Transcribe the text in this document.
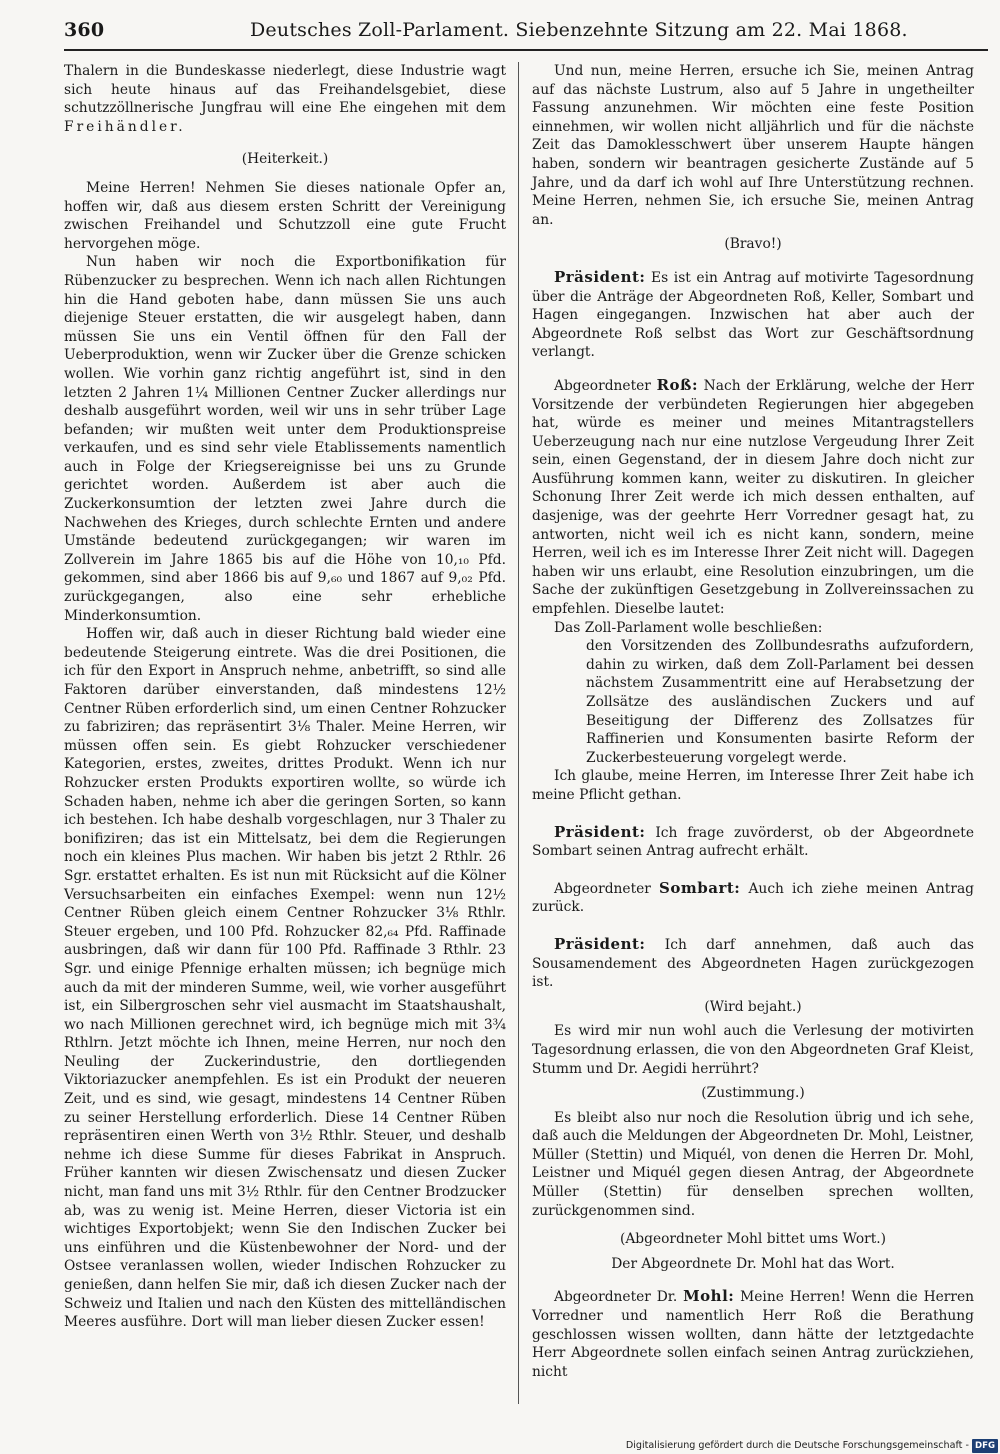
360	Deutsches Zoll-Parlament. Siebenzehnte Sitzung am 22. Mai 1868.

Thalern in die Bundeskasse niederlegt, diese Industrie wagt sich heute hinaus auf das Freihandelsgebiet, diese schutzzöllnerische Jungfrau will eine Ehe eingehen mit dem Freihändler.

(Heiterkeit.)

Meine Herren! Nehmen Sie dieses nationale Opfer an, hoffen wir, daß aus diesem ersten Schritt der Vereinigung zwischen Freihandel und Schutzzoll eine gute Frucht hervorgehen möge.

Nun haben wir noch die Exportbonifikation für Rübenzucker zu besprechen. Wenn ich nach allen Richtungen hin die Hand geboten habe, dann müssen Sie uns auch diejenige Steuer erstatten, die wir ausgelegt haben, dann müssen Sie uns ein Ventil öffnen für den Fall der Ueberproduktion, wenn wir Zucker über die Grenze schicken wollen. Wie vorhin ganz richtig angeführt ist, sind in den letzten 2 Jahren 1¼ Millionen Centner Zucker allerdings nur deshalb ausgeführt worden, weil wir uns in sehr trüber Lage befanden; wir mußten weit unter dem Produktionspreise verkaufen, und es sind sehr viele Etablissements namentlich auch in Folge der Kriegsereignisse bei uns zu Grunde gerichtet worden. Außerdem ist aber auch die Zuckerkonsumtion der letzten zwei Jahre durch die Nachwehen des Krieges, durch schlechte Ernten und andere Umstände bedeutend zurückgegangen; wir waren im Zollverein im Jahre 1865 bis auf die Höhe von 10,₁₀ Pfd. gekommen, sind aber 1866 bis auf 9,₆₀ und 1867 auf 9,₀₂ Pfd. zurückgegangen, also eine sehr erhebliche Minderkonsumtion.

Hoffen wir, daß auch in dieser Richtung bald wieder eine bedeutende Steigerung eintrete. Was die drei Positionen, die ich für den Export in Anspruch nehme, anbetrifft, so sind alle Faktoren darüber einverstanden, daß mindestens 12½ Centner Rüben erforderlich sind, um einen Centner Rohzucker zu fabriziren; das repräsentirt 3⅛ Thaler. Meine Herren, wir müssen offen sein. Es giebt Rohzucker verschiedener Kategorien, erstes, zweites, drittes Produkt. Wenn ich nur Rohzucker ersten Produkts exportiren wollte, so würde ich Schaden haben, nehme ich aber die geringen Sorten, so kann ich bestehen. Ich habe deshalb vorgeschlagen, nur 3 Thaler zu bonifiziren; das ist ein Mittelsatz, bei dem die Regierungen noch ein kleines Plus machen. Wir haben bis jetzt 2 Rthlr. 26 Sgr. erstattet erhalten. Es ist nun mit Rücksicht auf die Kölner Versuchsarbeiten ein einfaches Exempel: wenn nun 12½ Centner Rüben gleich einem Centner Rohzucker 3⅛ Rthlr. Steuer ergeben, und 100 Pfd. Rohzucker 82,₆₄ Pfd. Raffinade ausbringen, daß wir dann für 100 Pfd. Raffinade 3 Rthlr. 23 Sgr. und einige Pfennige erhalten müssen; ich begnüge mich auch da mit der minderen Summe, weil, wie vorher ausgeführt ist, ein Silbergroschen sehr viel ausmacht im Staatshaushalt, wo nach Millionen gerechnet wird, ich begnüge mich mit 3¾ Rthlrn. Jetzt möchte ich Ihnen, meine Herren, nur noch den Neuling der Zuckerindustrie, den dortliegenden Viktoriazucker anempfehlen. Es ist ein Produkt der neueren Zeit, und es sind, wie gesagt, mindestens 14 Centner Rüben zu seiner Herstellung erforderlich. Diese 14 Centner Rüben repräsentiren einen Werth von 3½ Rthlr. Steuer, und deshalb nehme ich diese Summe für dieses Fabrikat in Anspruch. Früher kannten wir diesen Zwischensatz und diesen Zucker nicht, man fand uns mit 3½ Rthlr. für den Centner Brodzucker ab, was zu wenig ist. Meine Herren, dieser Victoria ist ein wichtiges Exportobjekt; wenn Sie den Indischen Zucker bei uns einführen und die Küstenbewohner der Nord- und der Ostsee veranlassen wollen, wieder Indischen Rohzucker zu genießen, dann helfen Sie mir, daß ich diesen Zucker nach der Schweiz und Italien und nach den Küsten des mittelländischen Meeres ausführe. Dort will man lieber diesen Zucker essen!

Und nun, meine Herren, ersuche ich Sie, meinen Antrag auf das nächste Lustrum, also auf 5 Jahre in ungetheilter Fassung anzunehmen. Wir möchten eine feste Position einnehmen, wir wollen nicht alljährlich und für die nächste Zeit das Damoklesschwert über unserem Haupte hängen haben, sondern wir beantragen gesicherte Zustände auf 5 Jahre, und da darf ich wohl auf Ihre Unterstützung rechnen. Meine Herren, nehmen Sie, ich ersuche Sie, meinen Antrag an.

(Bravo!)

Präsident: Es ist ein Antrag auf motivirte Tagesordnung über die Anträge der Abgeordneten Roß, Keller, Sombart und Hagen eingegangen. Inzwischen hat aber auch der Abgeordnete Roß selbst das Wort zur Geschäftsordnung verlangt.

Abgeordneter Roß: Nach der Erklärung, welche der Herr Vorsitzende der verbündeten Regierungen hier abgegeben hat, würde es meiner und meines Mitantragstellers Ueberzeugung nach nur eine nutzlose Vergeudung Ihrer Zeit sein, einen Gegenstand, der in diesem Jahre doch nicht zur Ausführung kommen kann, weiter zu diskutiren. In gleicher Schonung Ihrer Zeit werde ich mich dessen enthalten, auf dasjenige, was der geehrte Herr Vorredner gesagt hat, zu antworten, nicht weil ich es nicht kann, sondern, meine Herren, weil ich es im Interesse Ihrer Zeit nicht will. Dagegen haben wir uns erlaubt, eine Resolution einzubringen, um die Sache der zukünftigen Gesetzgebung in Zollvereinssachen zu empfehlen. Dieselbe lautet:

Das Zoll-Parlament wolle beschließen:

den Vorsitzenden des Zollbundesraths aufzufordern, dahin zu wirken, daß dem Zoll-Parlament bei dessen nächstem Zusammentritt eine auf Herabsetzung der Zollsätze des ausländischen Zuckers und auf Beseitigung der Differenz des Zollsatzes für Raffinerien und Konsumenten basirte Reform der Zuckerbesteuerung vorgelegt werde.

Ich glaube, meine Herren, im Interesse Ihrer Zeit habe ich meine Pflicht gethan.

Präsident: Ich frage zuvörderst, ob der Abgeordnete Sombart seinen Antrag aufrecht erhält.

Abgeordneter Sombart: Auch ich ziehe meinen Antrag zurück.

Präsident: Ich darf annehmen, daß auch das Sousamendement des Abgeordneten Hagen zurückgezogen ist.

(Wird bejaht.)

Es wird mir nun wohl auch die Verlesung der motivirten Tagesordnung erlassen, die von den Abgeordneten Graf Kleist, Stumm und Dr. Aegidi herrührt?

(Zustimmung.)

Es bleibt also nur noch die Resolution übrig und ich sehe, daß auch die Meldungen der Abgeordneten Dr. Mohl, Leistner, Müller (Stettin) und Miquél, von denen die Herren Dr. Mohl, Leistner und Miquél gegen diesen Antrag, der Abgeordnete Müller (Stettin) für denselben sprechen wollten, zurückgenommen sind.

(Abgeordneter Mohl bittet ums Wort.)

Der Abgeordnete Dr. Mohl hat das Wort.

Abgeordneter Dr. Mohl: Meine Herren! Wenn die Herren Vorredner und namentlich Herr Roß die Berathung geschlossen wissen wollten, dann hätte der letztgedachte Herr Abgeordnete sollen einfach seinen Antrag zurückziehen, nicht

Digitalisierung gefördert durch die Deutsche Forschungsgemeinschaft - DFG
